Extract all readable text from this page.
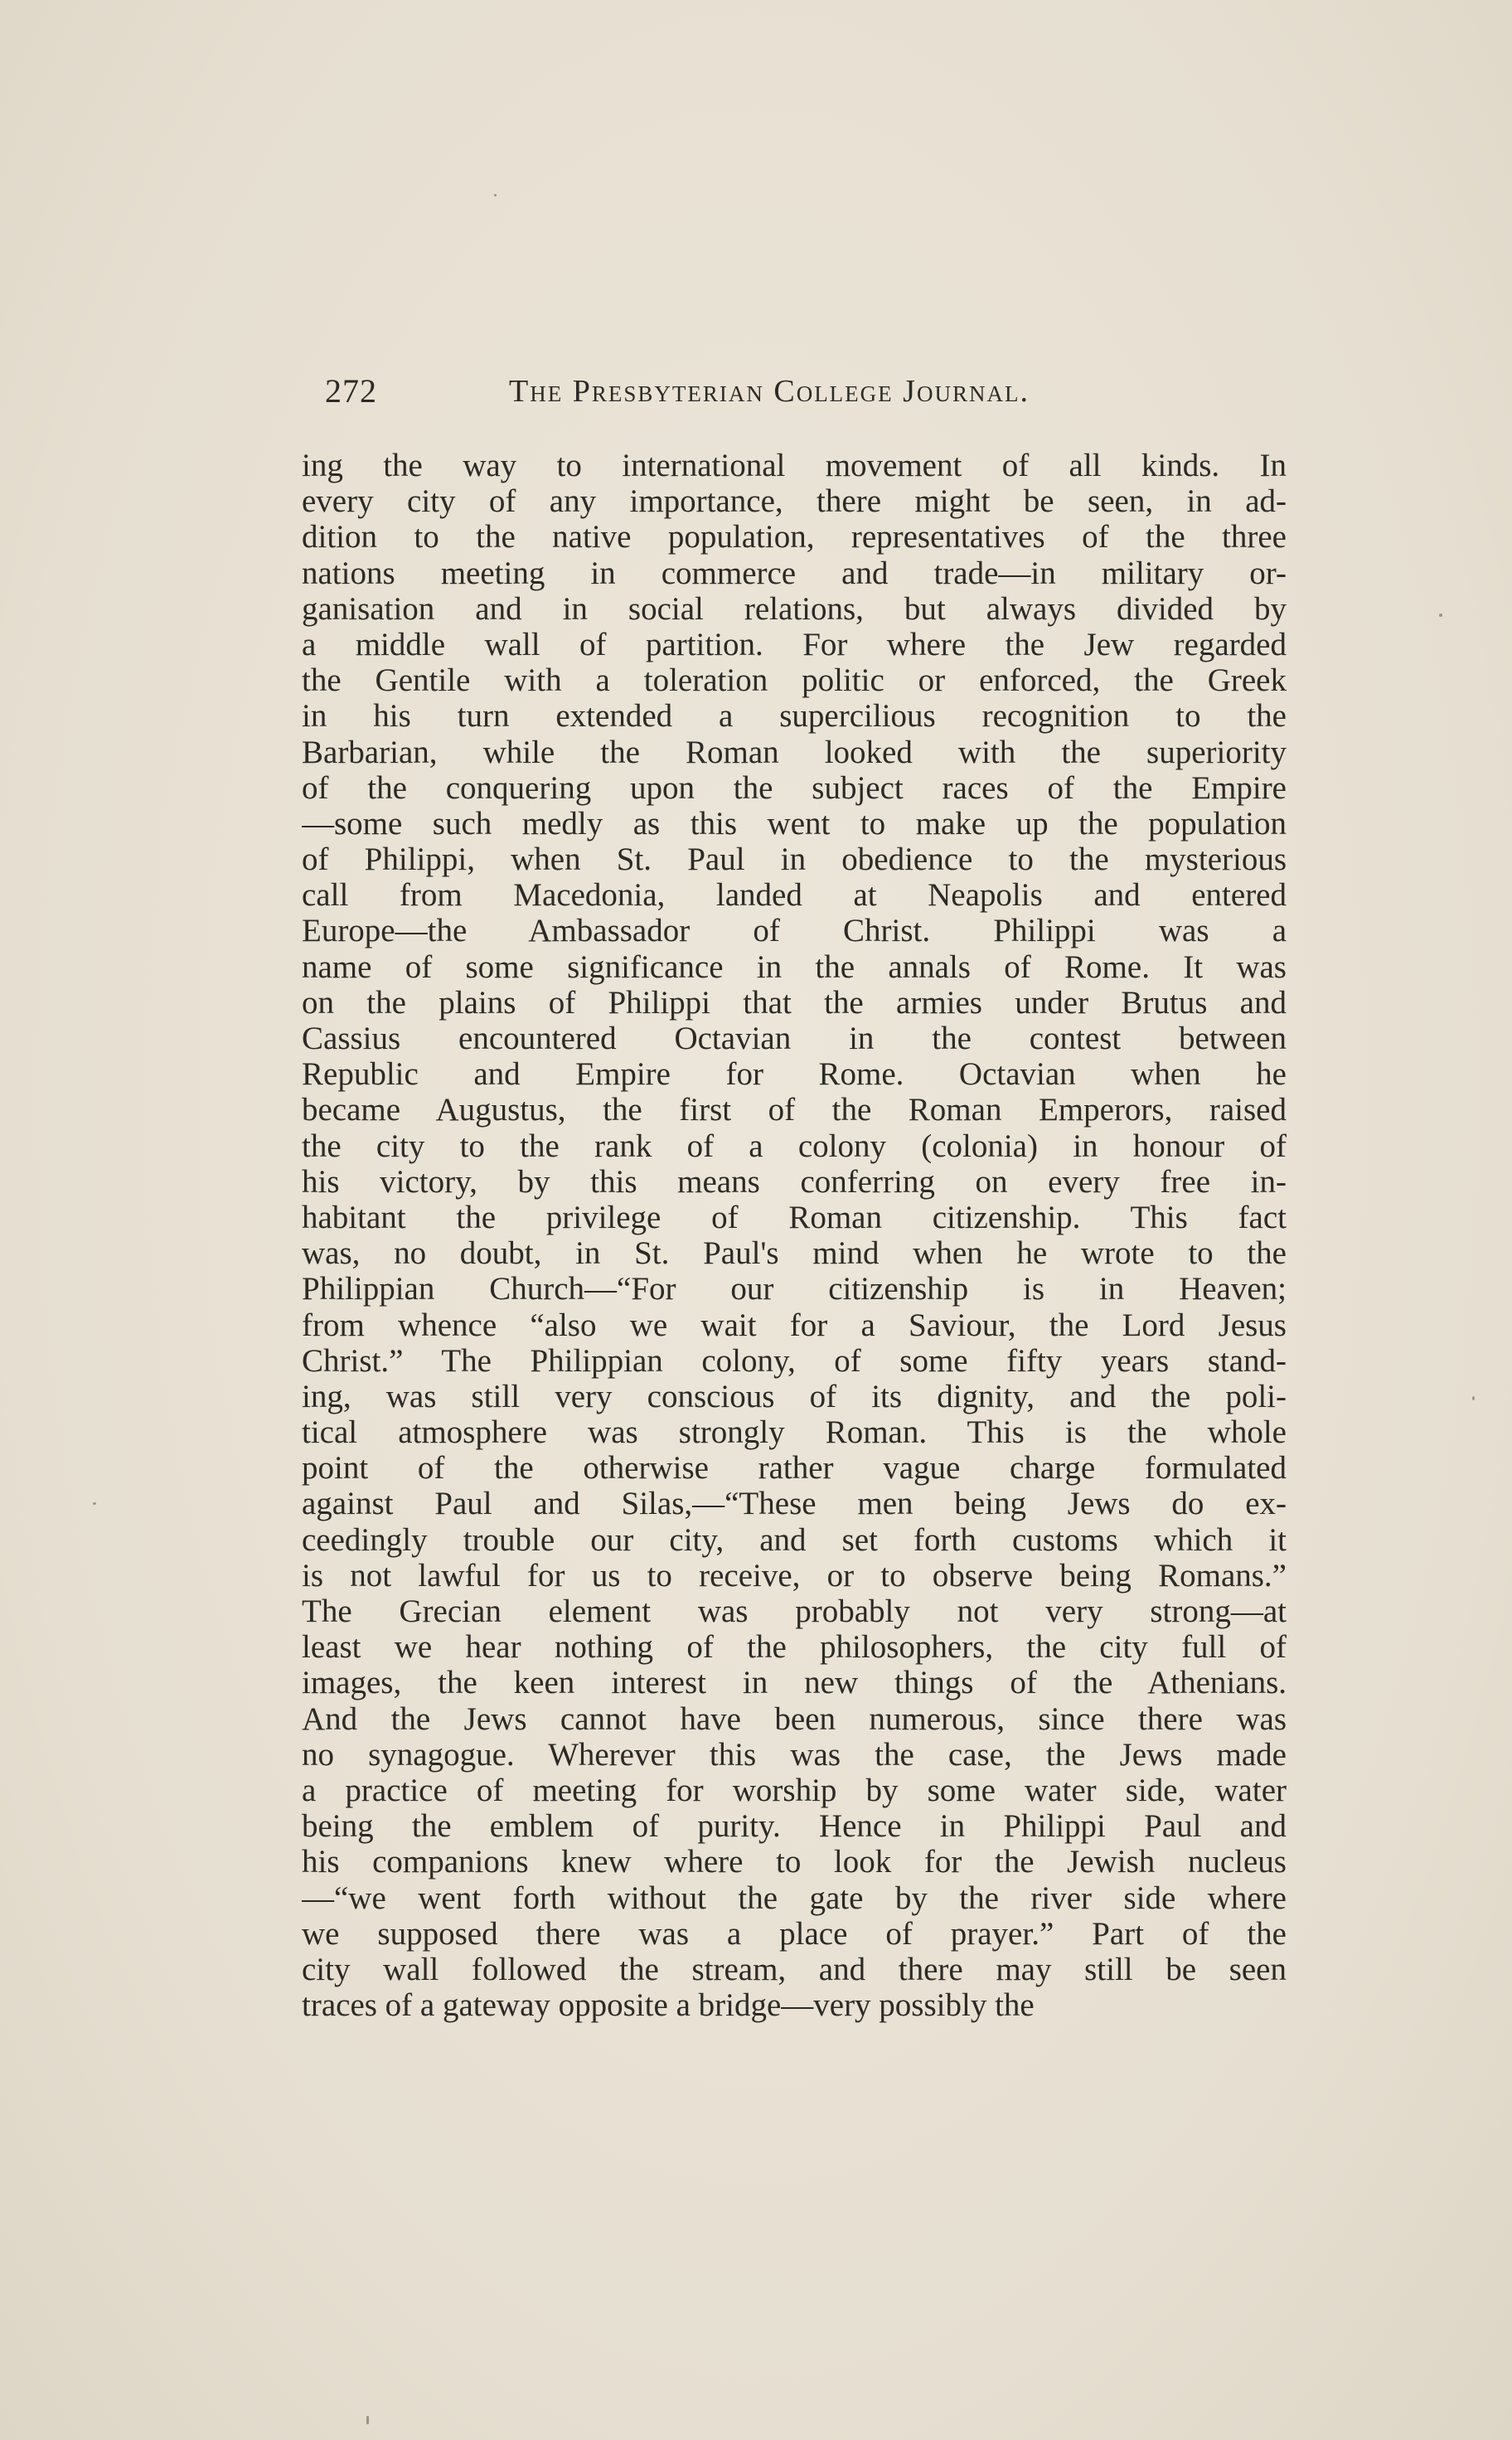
272	The Presbyterian College Journal.
ing the way to international movement of all kinds. In
every city of any importance, there might be seen, in ad-
dition to the native population, representatives of the three
nations meeting in commerce and trade—in military or-
ganisation and in social relations, but always divided by
a middle wall of partition. For where the Jew regarded
the Gentile with a toleration politic or enforced, the Greek
in his turn extended a supercilious recognition to the
Barbarian, while the Roman looked with the superiority
of the conquering upon the subject races of the Empire
—some such medly as this went to make up the population
of Philippi, when St. Paul in obedience to the mysterious
call from Macedonia, landed at Neapolis and entered
Europe—the Ambassador of Christ. Philippi was a
name of some significance in the annals of Rome. It was
on the plains of Philippi that the armies under Brutus and
Cassius encountered Octavian in the contest between
Republic and Empire for Rome. Octavian when he
became Augustus, the first of the Roman Emperors, raised
the city to the rank of a colony (colonia) in honour of
his victory, by this means conferring on every free in-
habitant the privilege of Roman citizenship. This fact
was, no doubt, in St. Paul's mind when he wrote to the
Philippian Church—“For our citizenship is in Heaven;
from whence “also we wait for a Saviour, the Lord Jesus
Christ.” The Philippian colony, of some fifty years stand-
ing, was still very conscious of its dignity, and the poli-
tical atmosphere was strongly Roman. This is the whole
point of the otherwise rather vague charge formulated
against Paul and Silas,—“These men being Jews do ex-
ceedingly trouble our city, and set forth customs which it
is not lawful for us to receive, or to observe being Romans.”
The Grecian element was probably not very strong—at
least we hear nothing of the philosophers, the city full of
images, the keen interest in new things of the Athenians.
And the Jews cannot have been numerous, since there was
no synagogue. Wherever this was the case, the Jews made
a practice of meeting for worship by some water side, water
being the emblem of purity. Hence in Philippi Paul and
his companions knew where to look for the Jewish nucleus
—“we went forth without the gate by the river side where
we supposed there was a place of prayer.” Part of the
city wall followed the stream, and there may still be seen
traces of a gateway opposite a bridge—very possibly the
